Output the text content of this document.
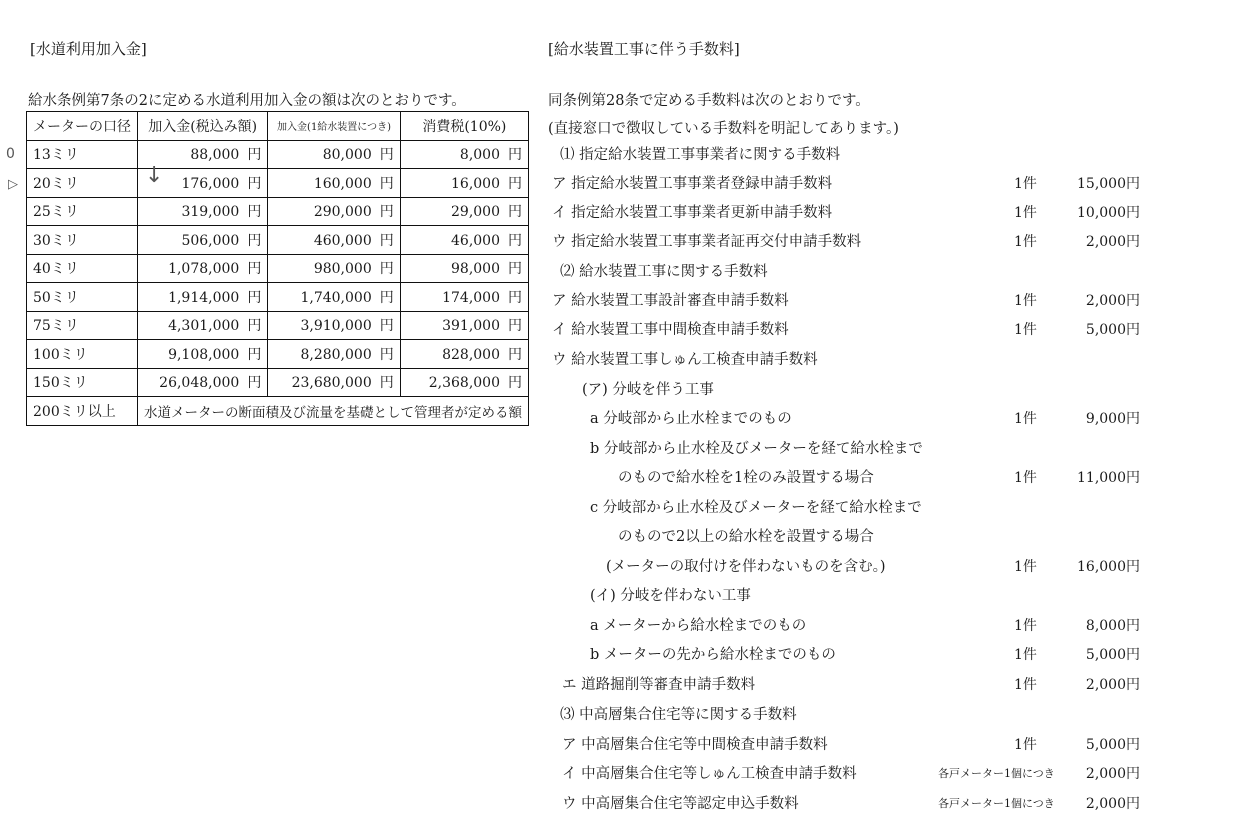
[水道利用加入金]
給水条例第7条の2に定める水道利用加入金の額は次のとおりです。
メーターの口径	加入金(税込み額)	加入金(1給水装置につき)	消費税(10%)
13ミリ	88,000 円	80,000 円	8,000 円
20ミリ	176,000 円	160,000 円	16,000 円
25ミリ	319,000 円	290,000 円	29,000 円
30ミリ	506,000 円	460,000 円	46,000 円
40ミリ	1,078,000 円	980,000 円	98,000 円
50ミリ	1,914,000 円	1,740,000 円	174,000 円
75ミリ	4,301,000 円	3,910,000 円	391,000 円
100ミリ	9,108,000 円	8,280,000 円	828,000 円
150ミリ	26,048,000 円	23,680,000 円	2,368,000 円
200ミリ以上	水道メーターの断面積及び流量を基礎として管理者が定める額		
0
▷	↓
[給水装置工事に伴う手数料]
同条例第28条で定める手数料は次のとおりです。
(直接窓口で徴収している手数料を明記してあります。)
⑴ 指定給水装置工事事業者に関する手数料
ア 指定給水装置工事事業者登録申請手数料	1件	15,000円
イ 指定給水装置工事事業者更新申請手数料	1件	10,000円
ウ 指定給水装置工事事業者証再交付申請手数料	1件	2,000円
⑵ 給水装置工事に関する手数料
ア 給水装置工事設計審査申請手数料	1件	2,000円
イ 給水装置工事中間検査申請手数料	1件	5,000円
ウ 給水装置工事しゅん工検査申請手数料
(ア) 分岐を伴う工事
a 分岐部から止水栓までのもの	1件	9,000円
b 分岐部から止水栓及びメーターを経て給水栓まで
のもので給水栓を1栓のみ設置する場合	1件	11,000円
c 分岐部から止水栓及びメーターを経て給水栓まで
のもので2以上の給水栓を設置する場合
(メーターの取付けを伴わないものを含む。)	1件	16,000円
(イ) 分岐を伴わない工事
a メーターから給水栓までのもの	1件	8,000円
b メーターの先から給水栓までのもの	1件	5,000円
エ 道路掘削等審査申請手数料	1件	2,000円
⑶ 中高層集合住宅等に関する手数料
ア 中高層集合住宅等中間検査申請手数料	1件	5,000円
イ 中高層集合住宅等しゅん工検査申請手数料	各戸メーター1個につき 2,000円
ウ 中高層集合住宅等認定申込手数料	各戸メーター1個につき 2,000円
